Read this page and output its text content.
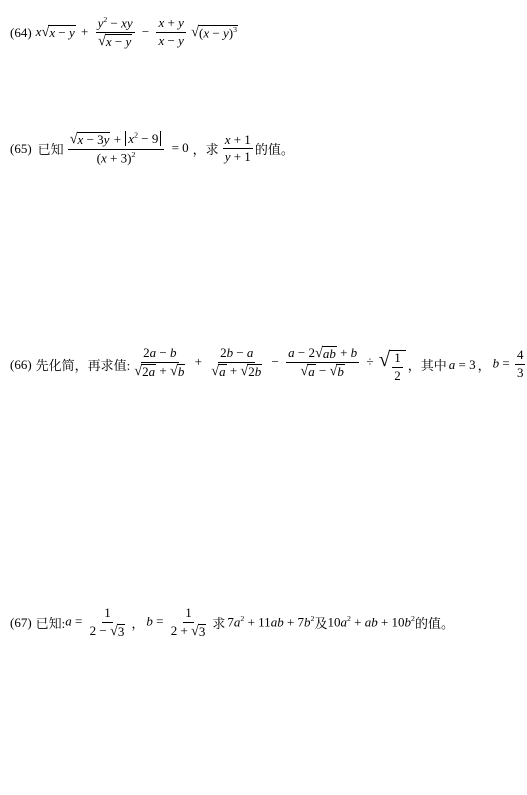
(64) x √ $x - y + \frac{y^2 - xy}{√ x - y} - \frac{x + y}{x - y}$
√ $(x - y)^3$
(65) 已知 $\frac{√ x - 3y + x^2 - 9}{(x + 3)^2} = 0$ ，求 $\frac{x + 1}{y + 1}$ 的值。
(66) 先化简，再求值: $\frac{2a - b}{√ 2a + √ b} + \frac{2b - a}{√ a + √ 2b} - \frac{a - 2 √ ab + b}{√ a - √ b}$ ÷ √ $\frac{1}{2}$ ，其中 a = 3 ， $b = \frac{4}{3}$
(67) 已知: $a = \frac{1}{2 - √ 3}$ ， $b = \frac{1}{2 + √ 3}$ 求 $7a^2 + 11ab + 7b^2$ 及 $10a^2$ + ab + $10b^2$ 的值。
